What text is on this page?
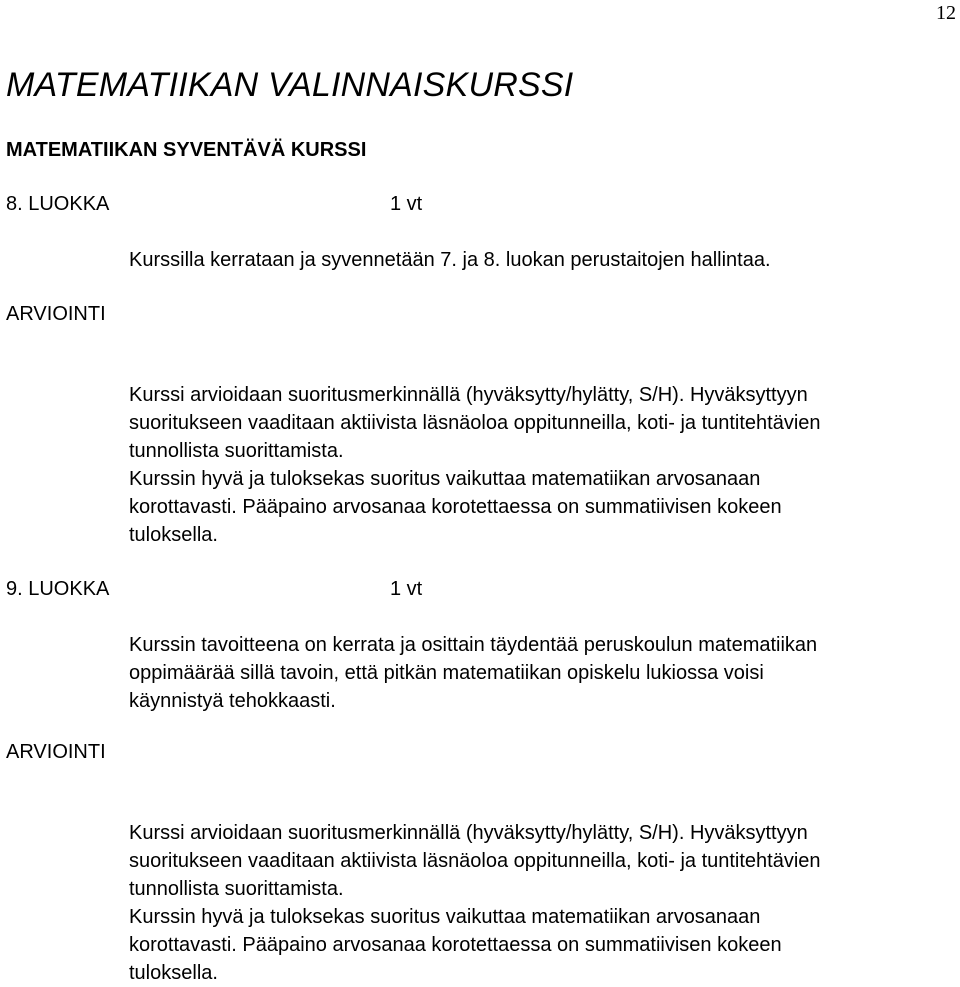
12
MATEMATIIKAN VALINNAISKURSSI
MATEMATIIKAN SYVENTÄVÄ KURSSI
8. LUOKKA	1 vt
Kurssilla kerrataan ja syvennetään 7. ja 8. luokan perustaitojen hallintaa.
ARVIOINTI
Kurssi arvioidaan suoritusmerkinnällä (hyväksytty/hylätty, S/H). Hyväksyttyyn
suoritukseen vaaditaan aktiivista läsnäoloa oppitunneilla, koti- ja tuntitehtävien
tunnollista suorittamista.
Kurssin hyvä ja tuloksekas suoritus vaikuttaa matematiikan arvosanaan
korottavasti. Pääpaino arvosanaa korotettaessa on summatiivisen kokeen
tuloksella.
9. LUOKKA	1 vt
Kurssin tavoitteena on kerrata ja osittain täydentää peruskoulun matematiikan
oppimäärää sillä tavoin, että pitkän matematiikan opiskelu lukiossa voisi
käynnistyä tehokkaasti.
ARVIOINTI
Kurssi arvioidaan suoritusmerkinnällä (hyväksytty/hylätty, S/H). Hyväksyttyyn
suoritukseen vaaditaan aktiivista läsnäoloa oppitunneilla, koti- ja tuntitehtävien
tunnollista suorittamista.
Kurssin hyvä ja tuloksekas suoritus vaikuttaa matematiikan arvosanaan
korottavasti. Pääpaino arvosanaa korotettaessa on summatiivisen kokeen
tuloksella.
